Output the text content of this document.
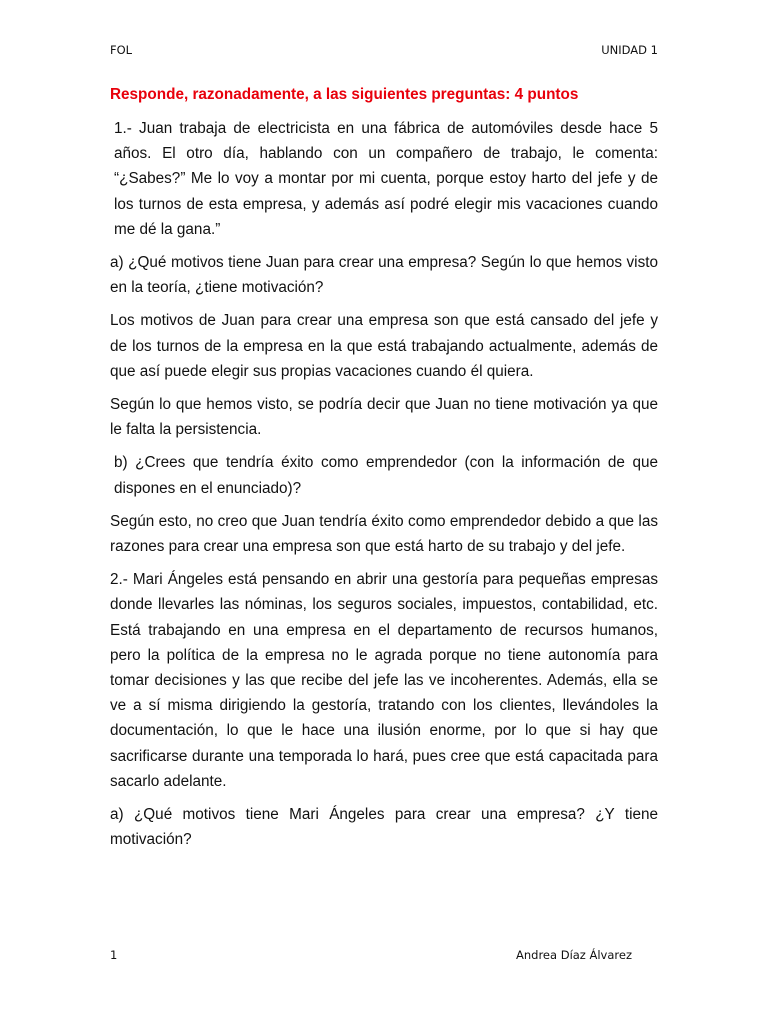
FOL	UNIDAD 1
Responde, razonadamente, a las siguientes preguntas: 4 puntos
1.- Juan trabaja de electricista en una fábrica de automóviles desde hace 5 años. El otro día, hablando con un compañero de trabajo, le comenta: “¿Sabes?” Me lo voy a montar por mi cuenta, porque estoy harto del jefe y de los turnos de esta empresa, y además así podré elegir mis vacaciones cuando me dé la gana.”
a) ¿Qué motivos tiene Juan para crear una empresa? Según lo que hemos visto en la teoría, ¿tiene motivación?
Los motivos de Juan para crear una empresa son que está cansado del jefe y de los turnos de la empresa en la que está trabajando actualmente, además de que así puede elegir sus propias vacaciones cuando él quiera.
Según lo que hemos visto, se podría decir que Juan no tiene motivación ya que le falta la persistencia.
b) ¿Crees que tendría éxito como emprendedor (con la información de que dispones en el enunciado)?
Según esto, no creo que Juan tendría éxito como emprendedor debido a que las razones para crear una empresa son que está harto de su trabajo y del jefe.
2.- Mari Ángeles está pensando en abrir una gestoría para pequeñas empresas donde llevarles las nóminas, los seguros sociales, impuestos, contabilidad, etc. Está trabajando en una empresa en el departamento de recursos humanos, pero la política de la empresa no le agrada porque no tiene autonomía para tomar decisiones y las que recibe del jefe las ve incoherentes. Además, ella se ve a sí misma dirigiendo la gestoría, tratando con los clientes, llevándoles la documentación, lo que le hace una ilusión enorme, por lo que si hay que sacrificarse durante una temporada lo hará, pues cree que está capacitada para sacarlo adelante.
a) ¿Qué motivos tiene Mari Ángeles para crear una empresa? ¿Y tiene motivación?
1	Andrea Díaz Álvarez
